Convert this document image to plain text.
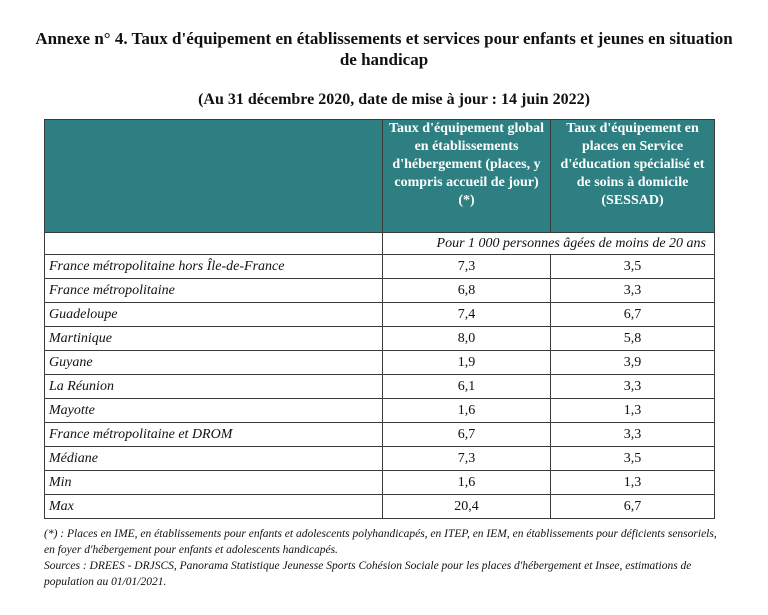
Annexe n° 4. Taux d'équipement en établissements et services pour enfants et jeunes en situation de handicap
(Au 31 décembre 2020, date de mise à jour : 14 juin 2022)
	Taux d'équipement global en établissements d'hébergement (places, y compris accueil de jour) (*)	Taux d'équipement en places en Service d'éducation spécialisé et de soins à domicile (SESSAD)
	Pour 1 000 personnes âgées de moins de 20 ans	
France métropolitaine hors Île-de-France	7,3	3,5
France métropolitaine	6,8	3,3
Guadeloupe	7,4	6,7
Martinique	8,0	5,8
Guyane	1,9	3,9
La Réunion	6,1	3,3
Mayotte	1,6	1,3
France métropolitaine et DROM	6,7	3,3
Médiane	7,3	3,5
Min	1,6	1,3
Max	20,4	6,7

(*) : Places en IME, en établissements pour enfants et adolescents polyhandicapés, en ITEP, en IEM, en établissements pour déficients sensoriels, en foyer d'hébergement pour enfants et adolescents handicapés.

Sources : DREES - DRJSCS, Panorama Statistique Jeunesse Sports Cohésion Sociale pour les places d'hébergement et Insee, estimations de population au 01/01/2021.
